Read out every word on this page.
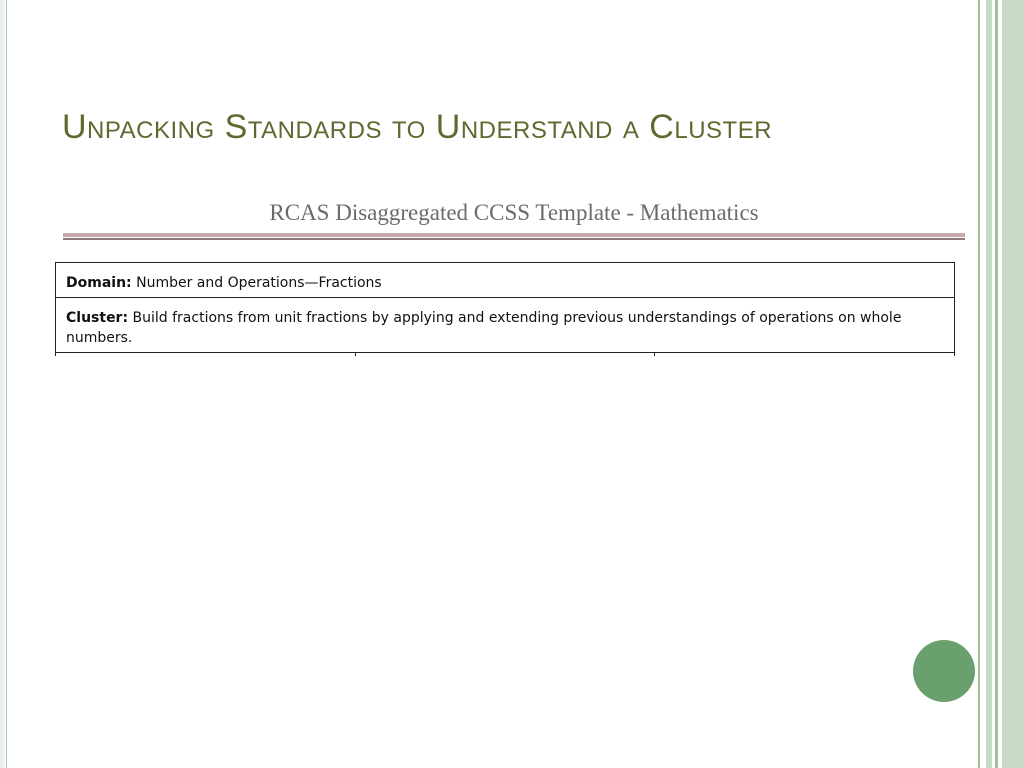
Unpacking Standards to Understand a Cluster
RCAS Disaggregated CCSS Template - Mathematics
Domain: Number and Operations—Fractions
Cluster: Build fractions from unit fractions by applying and extending previous understandings of operations on whole numbers.
